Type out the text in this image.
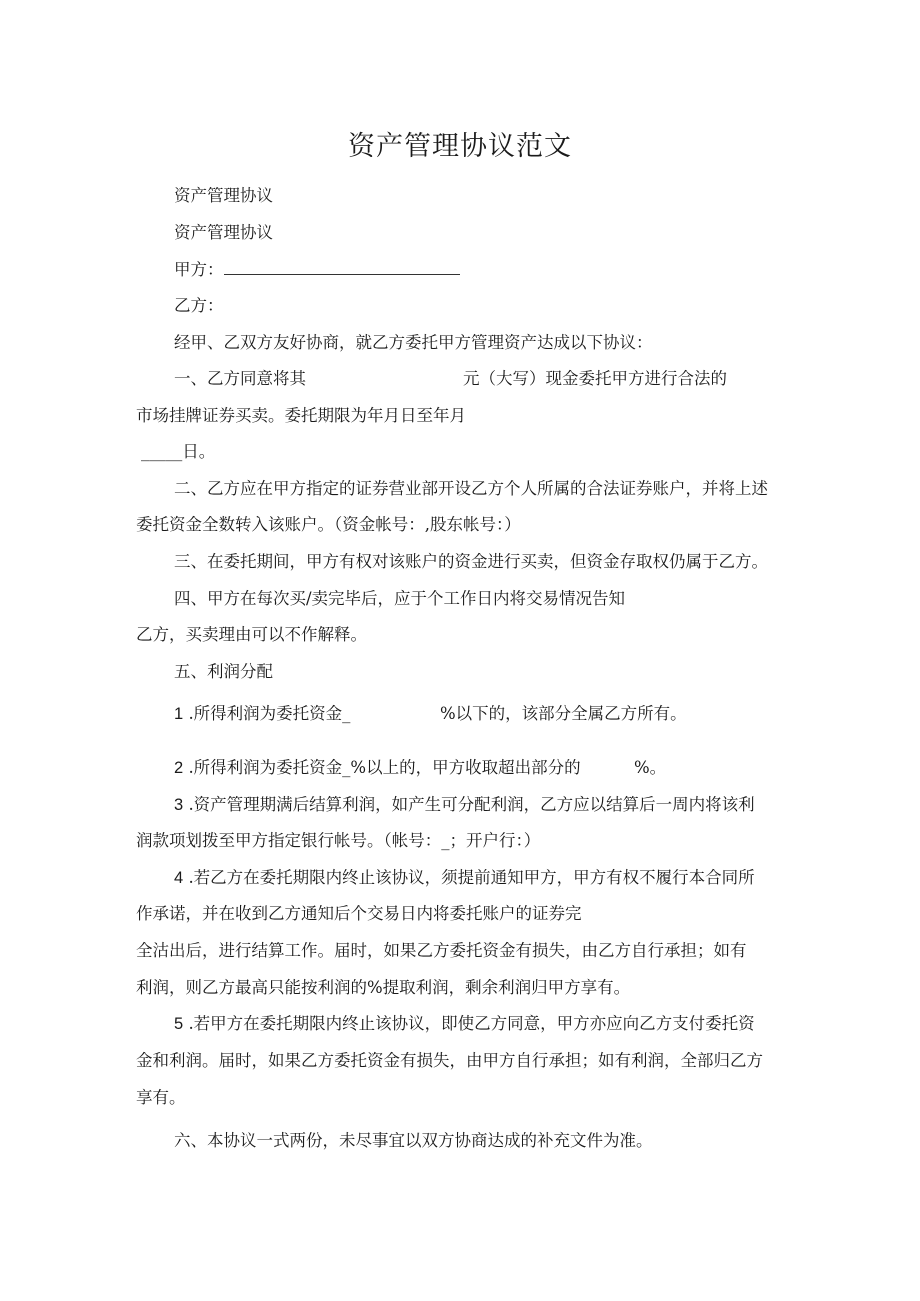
资产管理协议范文
资产管理协议
资产管理协议
甲方：
乙方：
经甲、乙双方友好协商，就乙方委托甲方管理资产达成以下协议：
一、乙方同意将其	元（大写）现金委托甲方进行合法的
市场挂牌证券买卖。委托期限为年月日至年月
_____日。
二、乙方应在甲方指定的证券营业部开设乙方个人所属的合法证券账户，并将上述
委托资金全数转入该账户。（资金帐号：,股东帐号：）
三、在委托期间，甲方有权对该账户的资金进行买卖，但资金存取权仍属于乙方。
四、甲方在每次买/卖完毕后，应于个工作日内将交易情况告知
乙方，买卖理由可以不作解释。
五、利润分配
1 .所得利润为委托资金_	%以下的，该部分全属乙方所有。
2 .所得利润为委托资金_%以上的，甲方收取超出部分的	%。
3 .资产管理期满后结算利润，如产生可分配利润，乙方应以结算后一周内将该利
润款项划拨至甲方指定银行帐号。（帐号：_；开户行：）
4 .若乙方在委托期限内终止该协议，须提前通知甲方，甲方有权不履行本合同所
作承诺，并在收到乙方通知后个交易日内将委托账户的证券完
全沽出后，进行结算工作。届时，如果乙方委托资金有损失，由乙方自行承担；如有
利润，则乙方最高只能按利润的%提取利润，剩余利润归甲方享有。
5 .若甲方在委托期限内终止该协议，即使乙方同意，甲方亦应向乙方支付委托资
金和利润。届时，如果乙方委托资金有损失，由甲方自行承担；如有利润，全部归乙方
享有。
六、本协议一式两份，未尽事宜以双方协商达成的补充文件为准。
